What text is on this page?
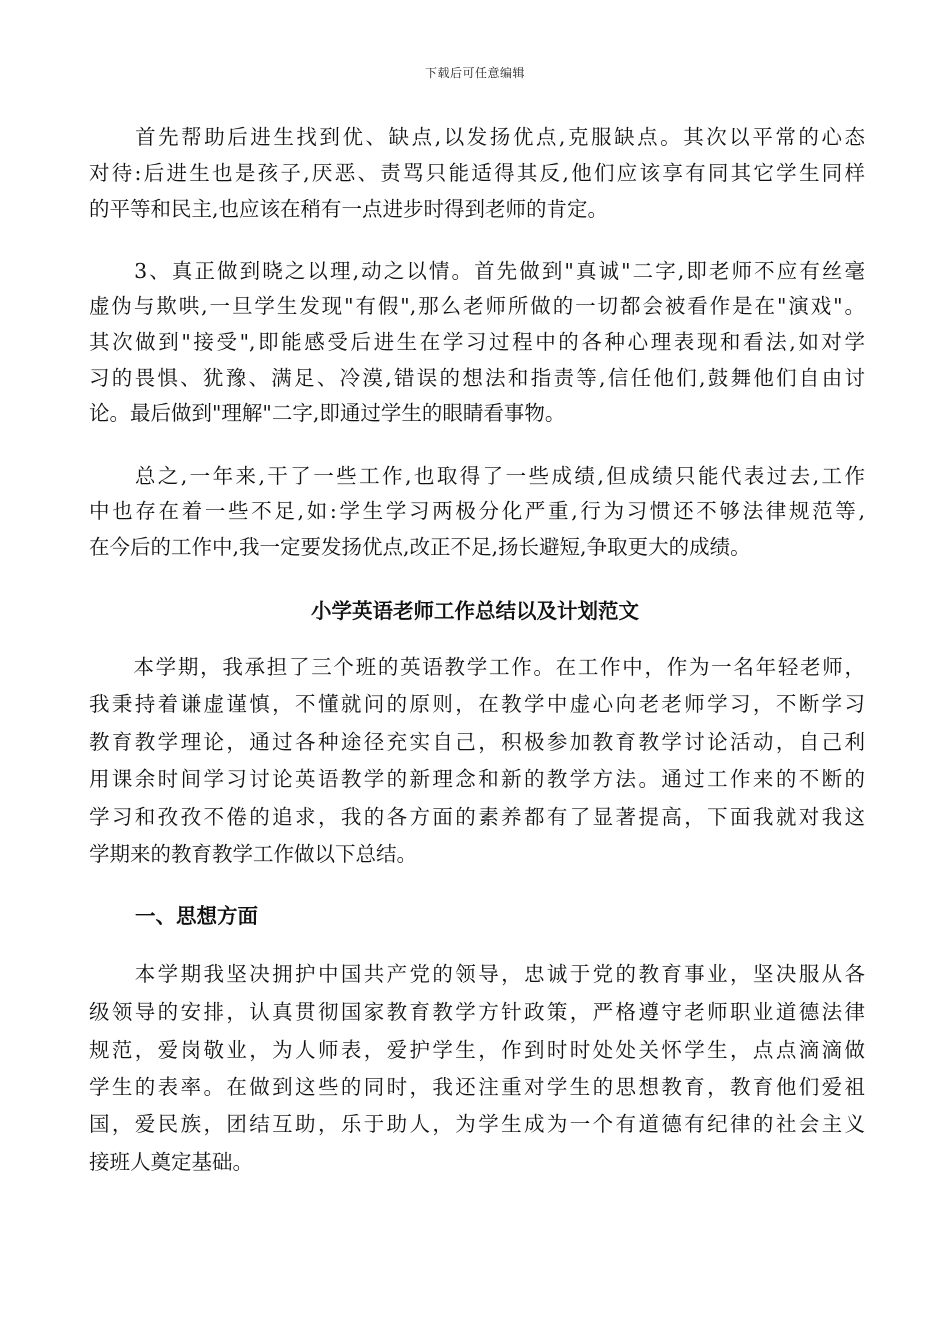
下载后可任意编辑
　　首先帮助后进生找到优、缺点,以发扬优点,克服缺点。其次以平常的心态
对待:后进生也是孩子,厌恶、责骂只能适得其反,他们应该享有同其它学生同样
的平等和民主,也应该在稍有一点进步时得到老师的肯定。
　　3、真正做到晓之以理,动之以情。首先做到"真诚"二字,即老师不应有丝毫
虚伪与欺哄,一旦学生发现"有假",那么老师所做的一切都会被看作是在"演戏"。
其次做到"接受",即能感受后进生在学习过程中的各种心理表现和看法,如对学
习的畏惧、犹豫、满足、冷漠,错误的想法和指责等,信任他们,鼓舞他们自由讨
论。最后做到"理解"二字,即通过学生的眼睛看事物。
　　总之,一年来,干了一些工作,也取得了一些成绩,但成绩只能代表过去,工作
中也存在着一些不足,如:学生学习两极分化严重,行为习惯还不够法律规范等,
在今后的工作中,我一定要发扬优点,改正不足,扬长避短,争取更大的成绩。
小学英语老师工作总结以及计划范文
　　本学期，我承担了三个班的英语教学工作。在工作中，作为一名年轻老师，
我秉持着谦虚谨慎，不懂就问的原则，在教学中虚心向老老师学习，不断学习
教育教学理论，通过各种途径充实自己，积极参加教育教学讨论活动，自己利
用课余时间学习讨论英语教学的新理念和新的教学方法。通过工作来的不断的
学习和孜孜不倦的追求，我的各方面的素养都有了显著提高，下面我就对我这
学期来的教育教学工作做以下总结。
一、思想方面
　　本学期我坚决拥护中国共产党的领导，忠诚于党的教育事业，坚决服从各
级领导的安排，认真贯彻国家教育教学方针政策，严格遵守老师职业道德法律
规范，爱岗敬业，为人师表，爱护学生，作到时时处处关怀学生，点点滴滴做
学生的表率。在做到这些的同时，我还注重对学生的思想教育，教育他们爱祖
国，爱民族，团结互助，乐于助人，为学生成为一个有道德有纪律的社会主义
接班人奠定基础。
